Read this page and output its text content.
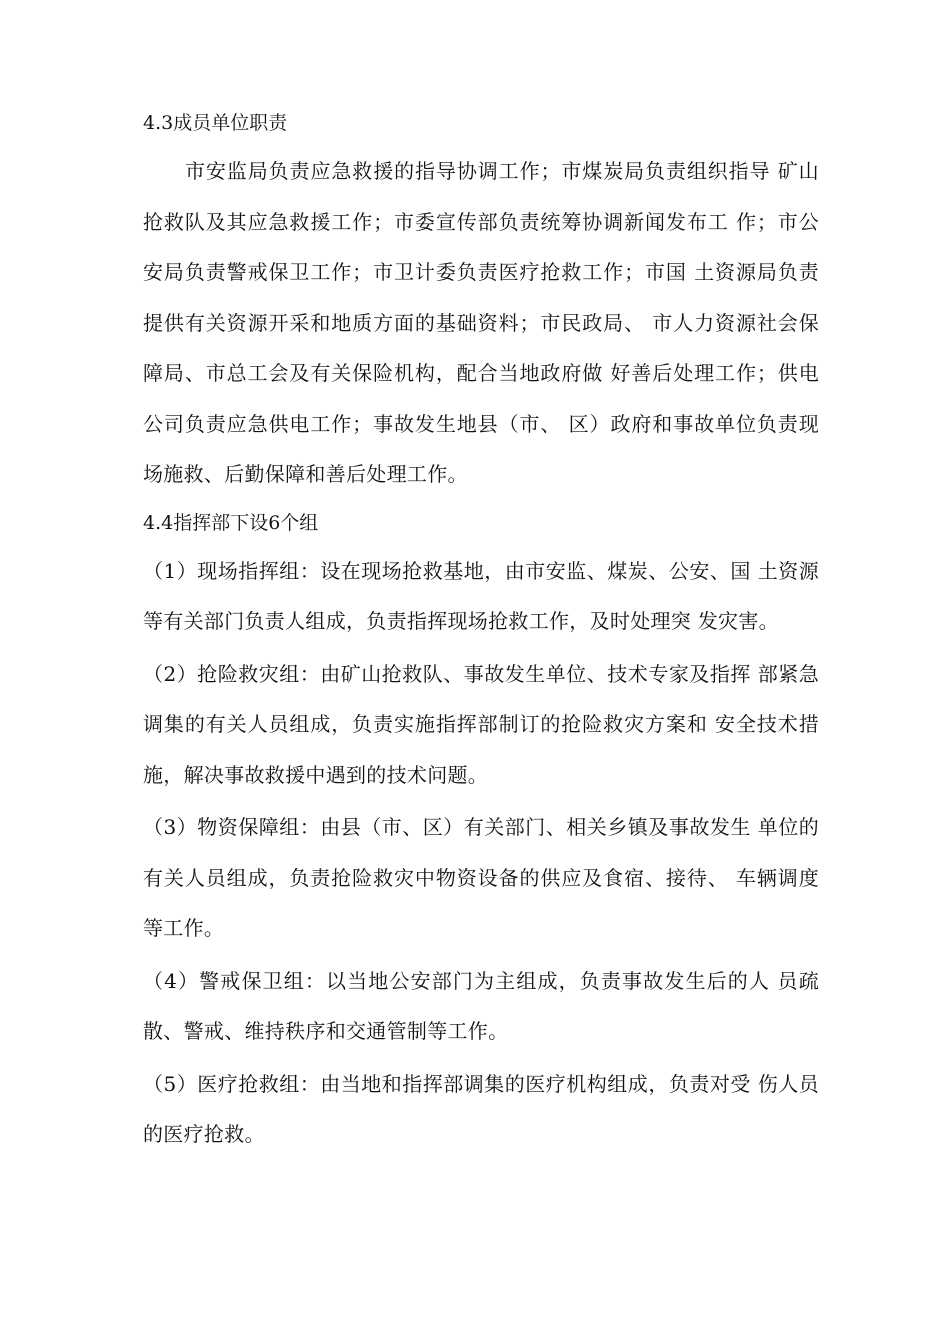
4.3成员单位职责

市安监局负责应急救援的指导协调工作；市煤炭局负责组织指导 矿山抢救队及其应急救援工作；市委宣传部负责统筹协调新闻发布工 作；市公安局负责警戒保卫工作；市卫计委负责医疗抢救工作；市国 土资源局负责提供有关资源开采和地质方面的基础资料；市民政局、 市人力资源社会保障局、市总工会及有关保险机构，配合当地政府做 好善后处理工作；供电公司负责应急供电工作；事故发生地县（市、 区）政府和事故单位负责现场施救、后勤保障和善后处理工作。

4.4指挥部下设6个组

（1）现场指挥组：设在现场抢救基地，由市安监、煤炭、公安、国 土资源等有关部门负责人组成，负责指挥现场抢救工作，及时处理突 发灾害。

（2）抢险救灾组：由矿山抢救队、事故发生单位、技术专家及指挥 部紧急调集的有关人员组成，负责实施指挥部制订的抢险救灾方案和 安全技术措施，解决事故救援中遇到的技术问题。

（3）物资保障组：由县（市、区）有关部门、相关乡镇及事故发生 单位的有关人员组成，负责抢险救灾中物资设备的供应及食宿、接待、 车辆调度等工作。

（4）警戒保卫组：以当地公安部门为主组成，负责事故发生后的人 员疏散、警戒、维持秩序和交通管制等工作。

（5）医疗抢救组：由当地和指挥部调集的医疗机构组成，负责对受 伤人员的医疗抢救。
